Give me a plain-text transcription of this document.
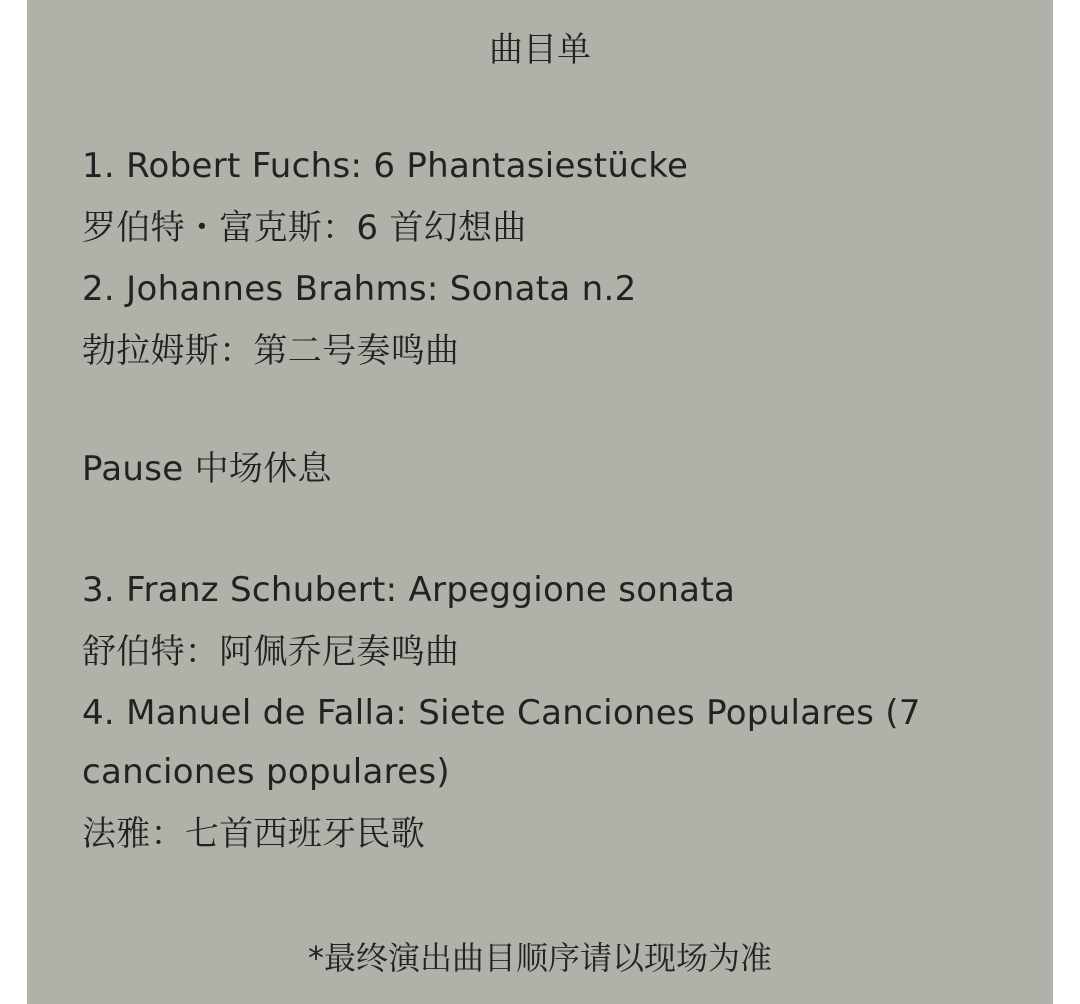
曲目单
1. Robert Fuchs: 6 Phantasiestücke
罗伯特・富克斯：6 首幻想曲
2. Johannes Brahms: Sonata n.2
勃拉姆斯：第二号奏鸣曲
Pause 中场休息
3. Franz Schubert: Arpeggione sonata
舒伯特：阿佩乔尼奏鸣曲
4. Manuel de Falla: Siete Canciones Populares (7
canciones populares)
法雅：七首西班牙民歌
*最终演出曲目顺序请以现场为准
